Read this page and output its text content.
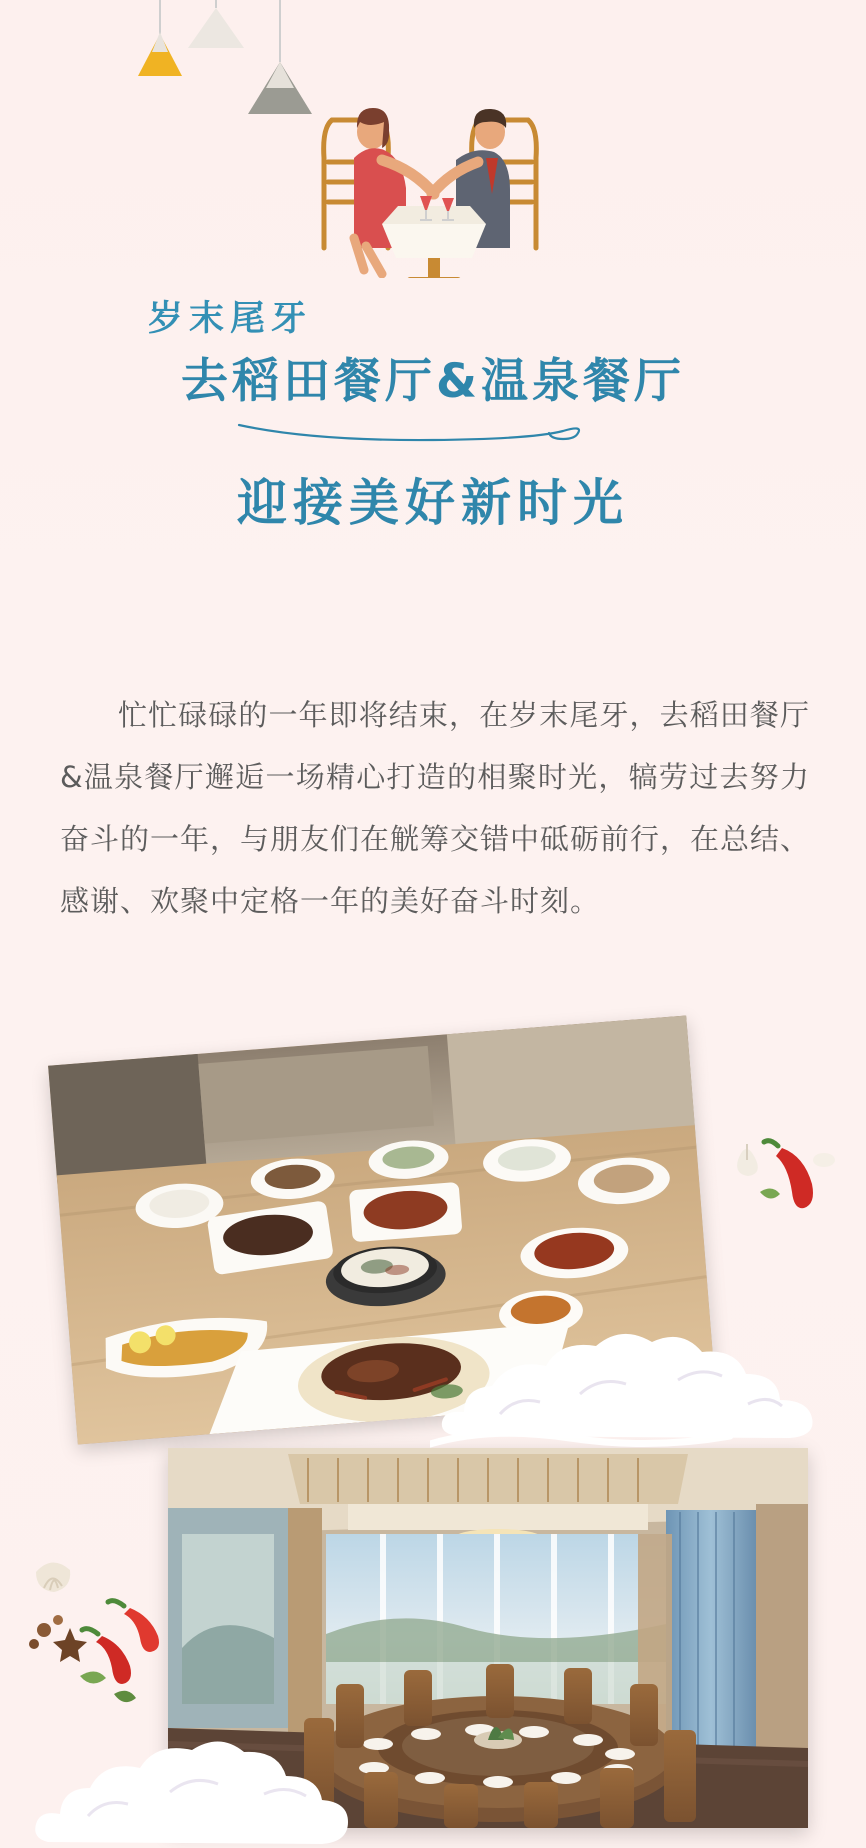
岁末尾牙
去稻田餐厅&温泉餐厅
迎接美好新时光

忙忙碌碌的一年即将结束，在岁末尾牙，去稻田餐厅&温泉餐厅邂逅一场精心打造的相聚时光，犒劳过去努力奋斗的一年，与朋友们在觥筹交错中砥砺前行，在总结、感谢、欢聚中定格一年的美好奋斗时刻。
